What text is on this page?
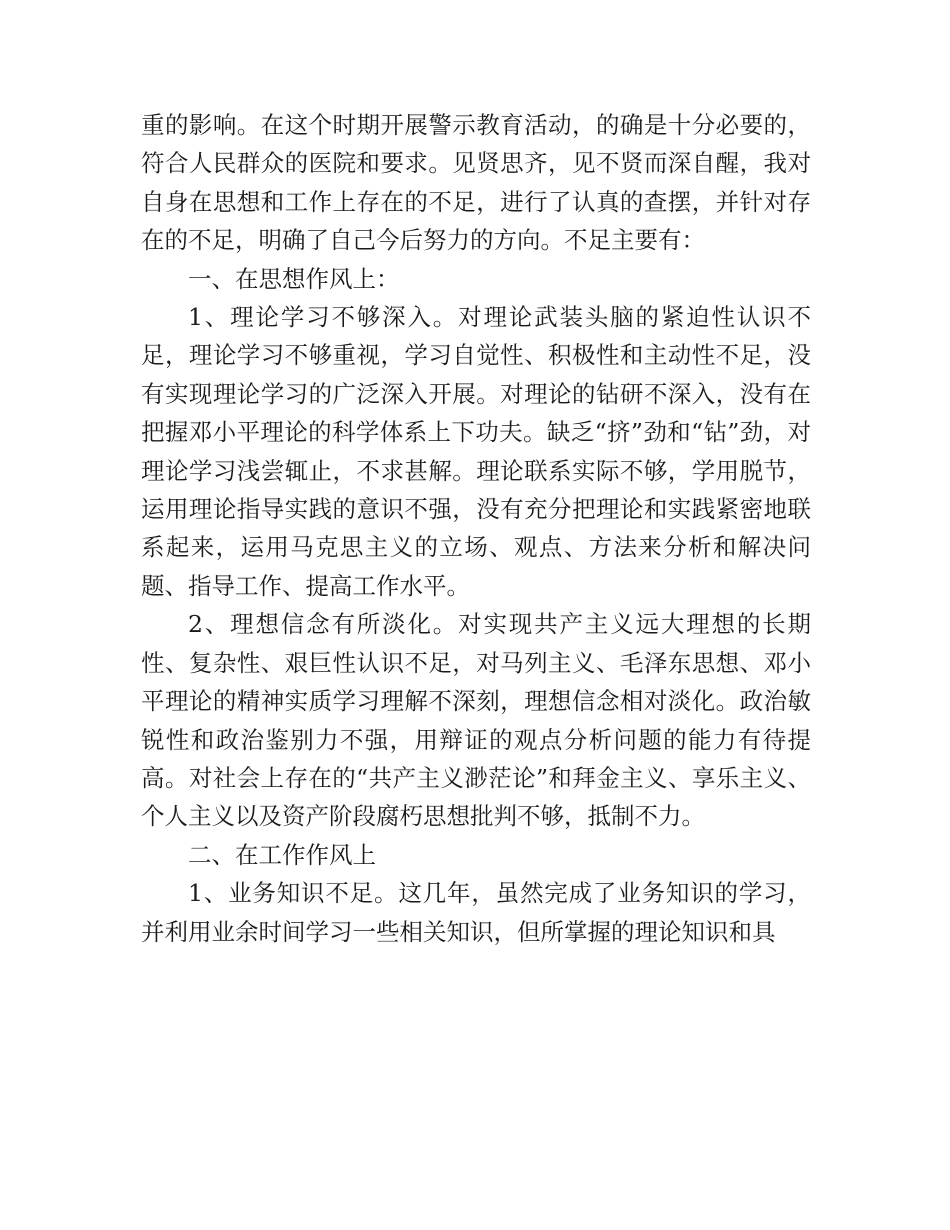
重的影响。在这个时期开展警示教育活动，的确是十分必要的，符合人民群众的医院和要求。见贤思齐，见不贤而深自醒，我对自身在思想和工作上存在的不足，进行了认真的查摆，并针对存在的不足，明确了自己今后努力的方向。不足主要有：

一、在思想作风上：

1、理论学习不够深入。对理论武装头脑的紧迫性认识不足，理论学习不够重视，学习自觉性、积极性和主动性不足，没有实现理论学习的广泛深入开展。对理论的钻研不深入，没有在把握邓小平理论的科学体系上下功夫。缺乏“挤”劲和“钻”劲，对理论学习浅尝辄止，不求甚解。理论联系实际不够，学用脱节，运用理论指导实践的意识不强，没有充分把理论和实践紧密地联系起来，运用马克思主义的立场、观点、方法来分析和解决问题、指导工作、提高工作水平。

2、理想信念有所淡化。对实现共产主义远大理想的长期性、复杂性、艰巨性认识不足，对马列主义、毛泽东思想、邓小平理论的精神实质学习理解不深刻，理想信念相对淡化。政治敏锐性和政治鉴别力不强，用辩证的观点分析问题的能力有待提高。对社会上存在的“共产主义渺茫论”和拜金主义、享乐主义、个人主义以及资产阶段腐朽思想批判不够，抵制不力。

二、在工作作风上

1、业务知识不足。这几年，虽然完成了业务知识的学习，并利用业余时间学习一些相关知识，但所掌握的理论知识和具
